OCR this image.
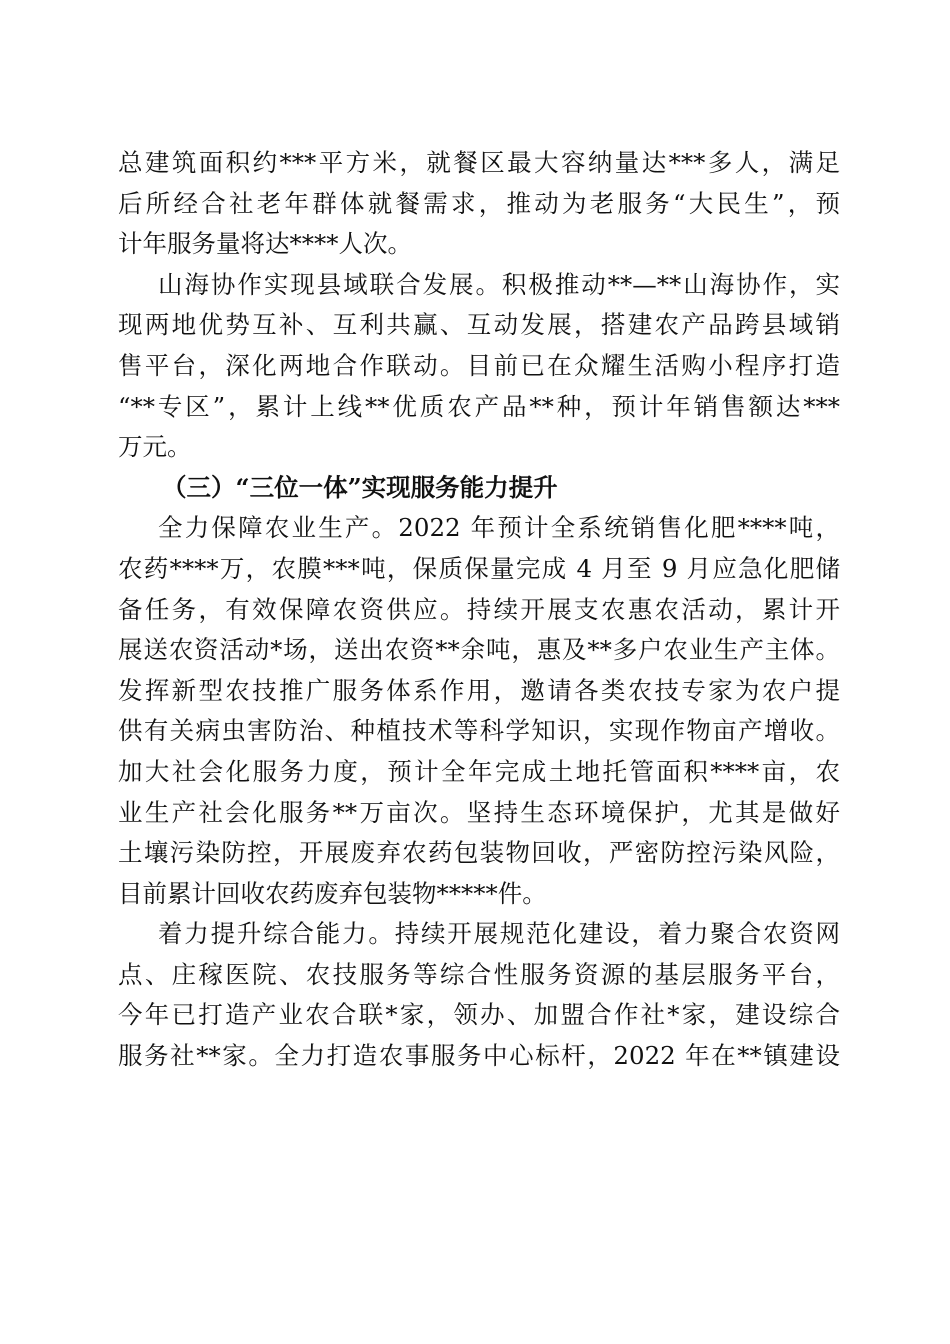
总建筑面积约***平方米，就餐区最大容纳量达***多人，满足
后所经合社老年群体就餐需求，推动为老服务“大民生”，预
计年服务量将达****人次。
山海协作实现县域联合发展。积极推动**—**山海协作，实
现两地优势互补、互利共赢、互动发展，搭建农产品跨县域销
售平台，深化两地合作联动。目前已在众耀生活购小程序打造
“**专区”，累计上线**优质农产品**种，预计年销售额达***
万元。
（三）“三位一体”实现服务能力提升
全力保障农业生产。2022 年预计全系统销售化肥****吨，
农药****万，农膜***吨，保质保量完成 4 月至 9 月应急化肥储
备任务，有效保障农资供应。持续开展支农惠农活动，累计开
展送农资活动*场，送出农资**余吨，惠及**多户农业生产主体。
发挥新型农技推广服务体系作用，邀请各类农技专家为农户提
供有关病虫害防治、种植技术等科学知识，实现作物亩产增收。
加大社会化服务力度，预计全年完成土地托管面积****亩，农
业生产社会化服务**万亩次。坚持生态环境保护，尤其是做好
土壤污染防控，开展废弃农药包装物回收，严密防控污染风险，
目前累计回收农药废弃包装物*****件。
着力提升综合能力。持续开展规范化建设，着力聚合农资网
点、庄稼医院、农技服务等综合性服务资源的基层服务平台，
今年已打造产业农合联*家，领办、加盟合作社*家，建设综合
服务社**家。全力打造农事服务中心标杆，2022 年在**镇建设
